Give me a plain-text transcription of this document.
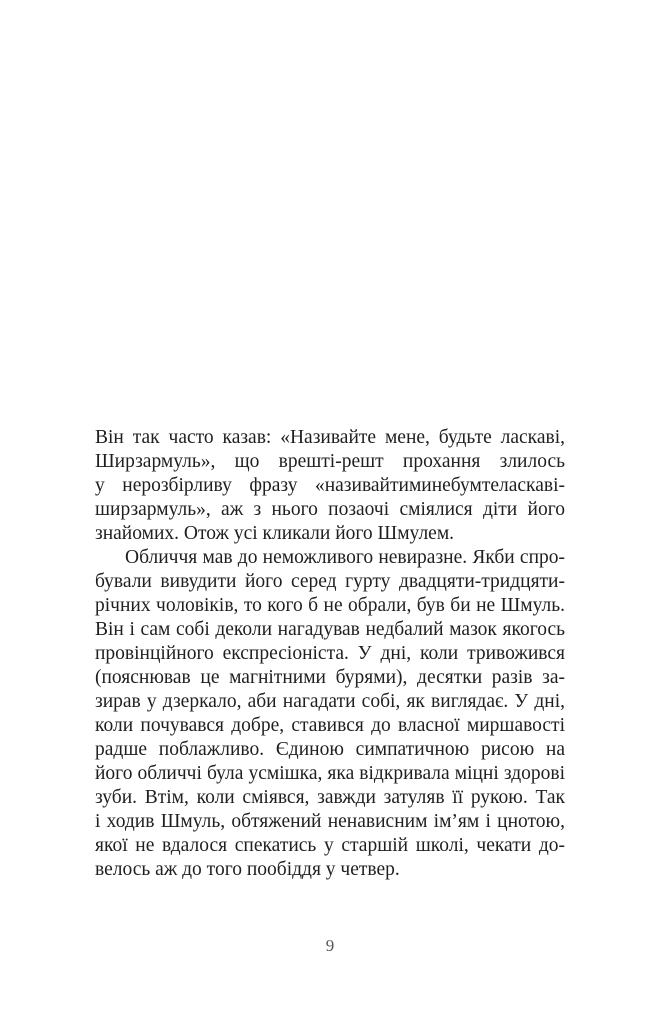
Він так часто казав: «Називайте мене, будьте ласкаві,
Ширзармуль», що врешті-решт прохання злилось
у нерозбірливу фразу «називайтиминебумтеласкаві-
ширзармуль», аж з нього позаочі сміялися діти його
знайомих. Отож усі кликали його Шмулем.
Обличчя мав до неможливого невиразне. Якби спро-
бували вивудити його серед гурту двадцяти-тридцяти-
річних чоловіків, то кого б не обрали, був би не Шмуль.
Він і сам собі деколи нагадував недбалий мазок якогось
провінційного експресіоніста. У дні, коли тривожився
(пояснював це магнітними бурями), десятки разів за-
зирав у дзеркало, аби нагадати собі, як виглядає. У дні,
коли почувався добре, ставився до власної миршавості
радше поблажливо. Єдиною симпатичною рисою на
його обличчі була усмішка, яка відкривала міцні здорові
зуби. Втім, коли сміявся, завжди затуляв її рукою. Так
і ходив Шмуль, обтяжений ненависним ім’ям і цнотою,
якої не вдалося спекатись у старшій школі, чекати до-
велось аж до того пообіддя у четвер.
9
